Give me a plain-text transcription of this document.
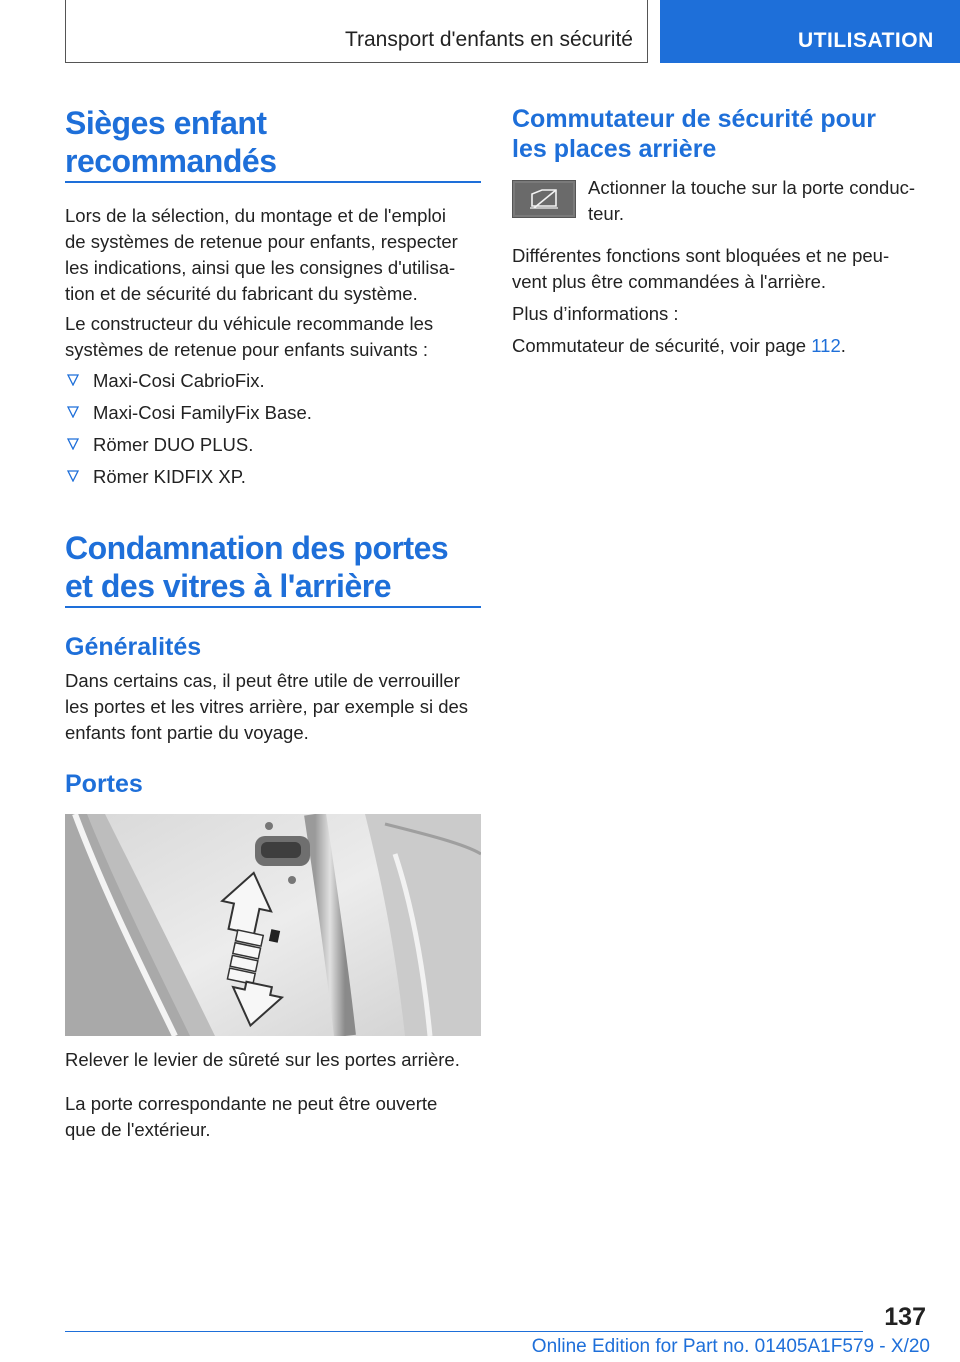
Transport d'enfants en sécurité	UTILISATION
Sièges enfant
recommandés
Lors de la sélection, du montage et de l'emploi
de systèmes de retenue pour enfants, respecter
les indications, ainsi que les consignes d'utilisa‐
tion et de sécurité du fabricant du système.
Le constructeur du véhicule recommande les
systèmes de retenue pour enfants suivants :
Maxi-Cosi CabrioFix.
Maxi-Cosi FamilyFix Base.
Römer DUO PLUS.
Römer KIDFIX XP.
Condamnation des portes
et des vitres à l'arrière
Généralités
Dans certains cas, il peut être utile de verrouiller
les portes et les vitres arrière, par exemple si des
enfants font partie du voyage.
Portes
Relever le levier de sûreté sur les portes arrière.
La porte correspondante ne peut être ouverte
que de l'extérieur.
Commutateur de sécurité pour
les places arrière
Actionner la touche sur la porte conduc‐
teur.
Différentes fonctions sont bloquées et ne peu‐
vent plus être commandées à l'arrière.
Plus d’informations :
Commutateur de sécurité, voir page 112.
137
Online Edition for Part no. 01405A1F579 - X/20
